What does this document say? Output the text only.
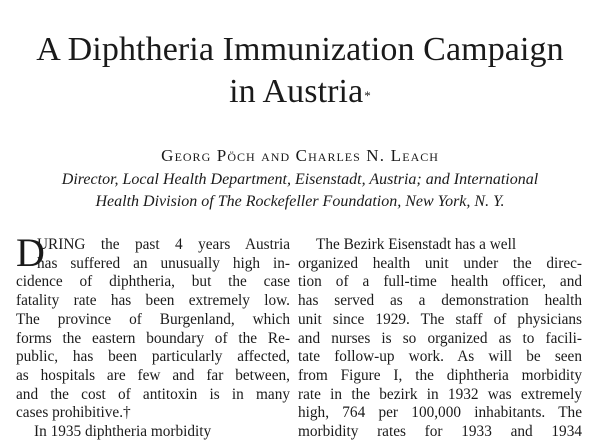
A Diphtheria Immunization Campaign
in Austria*
GEORG PÖCH AND CHARLES N. LEACH
Director, Local Health Department, Eisenstadt, Austria; and International
Health Division of The Rockefeller Foundation, New York, N. Y.
D
URING the past 4 years Austria
has suffered an unusually high in-
cidence of diphtheria, but the case
fatality rate has been extremely low.
The province of Burgenland, which
forms the eastern boundary of the Re-
public, has been particularly affected,
as hospitals are few and far between,
and the cost of antitoxin is in many
cases prohibitive.†
In 1935 diphtheria morbidity
The Bezirk Eisenstadt has a well
organized health unit under the direc-
tion of a full-time health officer, and
has served as a demonstration health
unit since 1929. The staff of physicians
and nurses is so organized as to facili-
tate follow-up work. As will be seen
from Figure I, the diphtheria morbidity
rate in the bezirk in 1932 was extremely
high, 764 per 100,000 inhabitants. The
morbidity rates for 1933 and 1934
